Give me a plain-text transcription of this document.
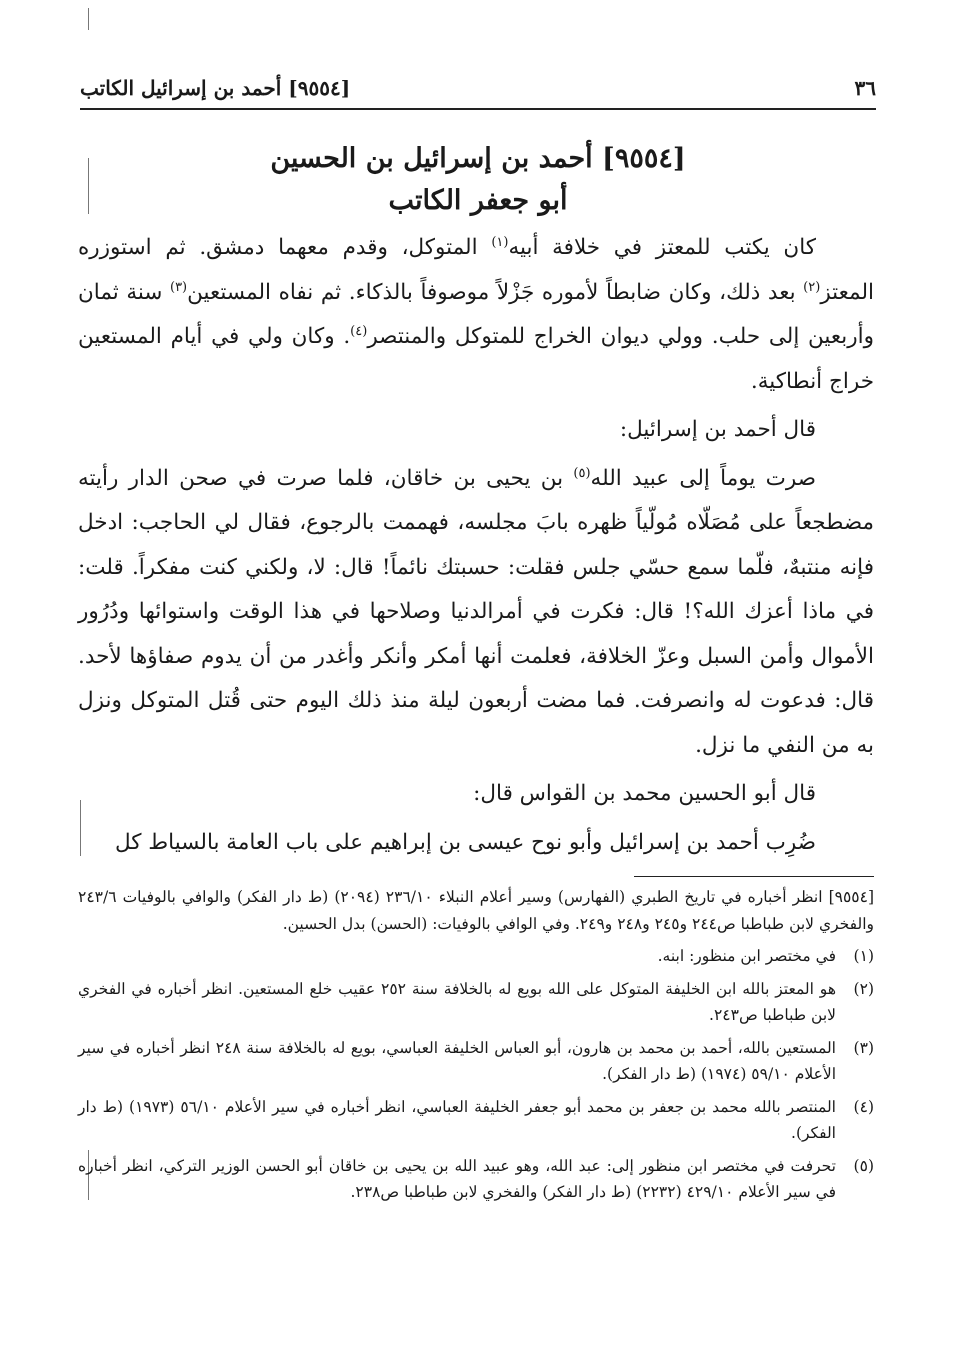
٣٦
[٩٥٥٤] أحمد بن إسرائيل الكاتب
[٩٥٥٤] أحمد بن إسرائيل بن الحسين
أبو جعفر الكاتب

كان يكتب للمعتز في خلافة أبيه$^{(١)}$ المتوكل، وقدم معهما دمشق. ثم استوزره المعتز$^{(٢)}$ بعد ذلك، وكان ضابطاً لأموره جَزْلاً موصوفاً بالذكاء. ثم نفاه المستعين$^{(٣)}$ سنة ثمان وأربعين إلى حلب. وولي ديوان الخراج للمتوكل والمنتصر$^{(٤)}$. وكان ولي في أيام المستعين خراج أنطاكية.

قال أحمد بن إسرائيل:

صرت يوماً إلى عبيد الله$^{(٥)}$ بن يحيى بن خاقان، فلما صرت في صحن الدار رأيته مضطجعاً على مُصَلّاه مُولّياً ظهره بابَ مجلسه، فهممت بالرجوع، فقال لي الحاجب: ادخل فإنه منتبهٌ، فلّما سمع حسّي جلس فقلت: حسبتك نائماً! قال: لا، ولكني كنت مفكراً. قلت: في ماذا أعزك الله؟! قال: فكرت في أمرالدنيا وصلاحها في هذا الوقت واستوائها ودُرُور الأموال وأمن السبل وعزّ الخلافة، فعلمت أنها أمكر وأنكر وأغدر من أن يدوم صفاؤها لأحد. قال: فدعوت له وانصرفت. فما مضت أربعون ليلة منذ ذلك اليوم حتى قُتل المتوكل ونزل به من النفي ما نزل.

قال أبو الحسين محمد بن القواس قال:

ضُرِب أحمد بن إسرائيل وأبو نوح عيسى بن إبراهيم على باب العامة بالسياط كل

[٩٥٥٤] انظر أخباره في تاريخ الطبري (الفهارس) وسير أعلام النبلاء ٢٣٦/١٠ (٢٠٩٤) (ط دار الفكر) والوافي بالوفيات ٢٤٣/٦ والفخري لابن طباطبا ص٢٤٤ و٢٤٥ و٢٤٨ و٢٤٩. وفي الوافي بالوفيات: (الحسن) بدل الحسين.

(١)
في مختصر ابن منظور: ابنه.
(٢)
هو المعتز بالله ابن الخليفة المتوكل على الله بويع له بالخلافة سنة ٢٥٢ عقيب خلع المستعين. انظر أخباره في الفخري لابن طباطبا ص٢٤٣.
(٣)
المستعين بالله، أحمد بن محمد بن هارون، أبو العباس الخليفة العباسي، بويع له بالخلافة سنة ٢٤٨ انظر أخباره في سير الأعلام ٥٩/١٠ (١٩٧٤) (ط دار الفكر).
(٤)
المنتصر بالله محمد بن جعفر بن محمد أبو جعفر الخليفة العباسي، انظر أخباره في سير الأعلام ٥٦/١٠ (١٩٧٣) (ط دار الفكر).
(٥)
تحرفت في مختصر ابن منظور إلى: عبد الله، وهو عبيد الله بن يحيى بن خاقان أبو الحسن الوزير التركي، انظر أخباره في سير الأعلام ٤٢٩/١٠ (٢٢٣٢) (ط دار الفكر) والفخري لابن طباطبا ص٢٣٨.
